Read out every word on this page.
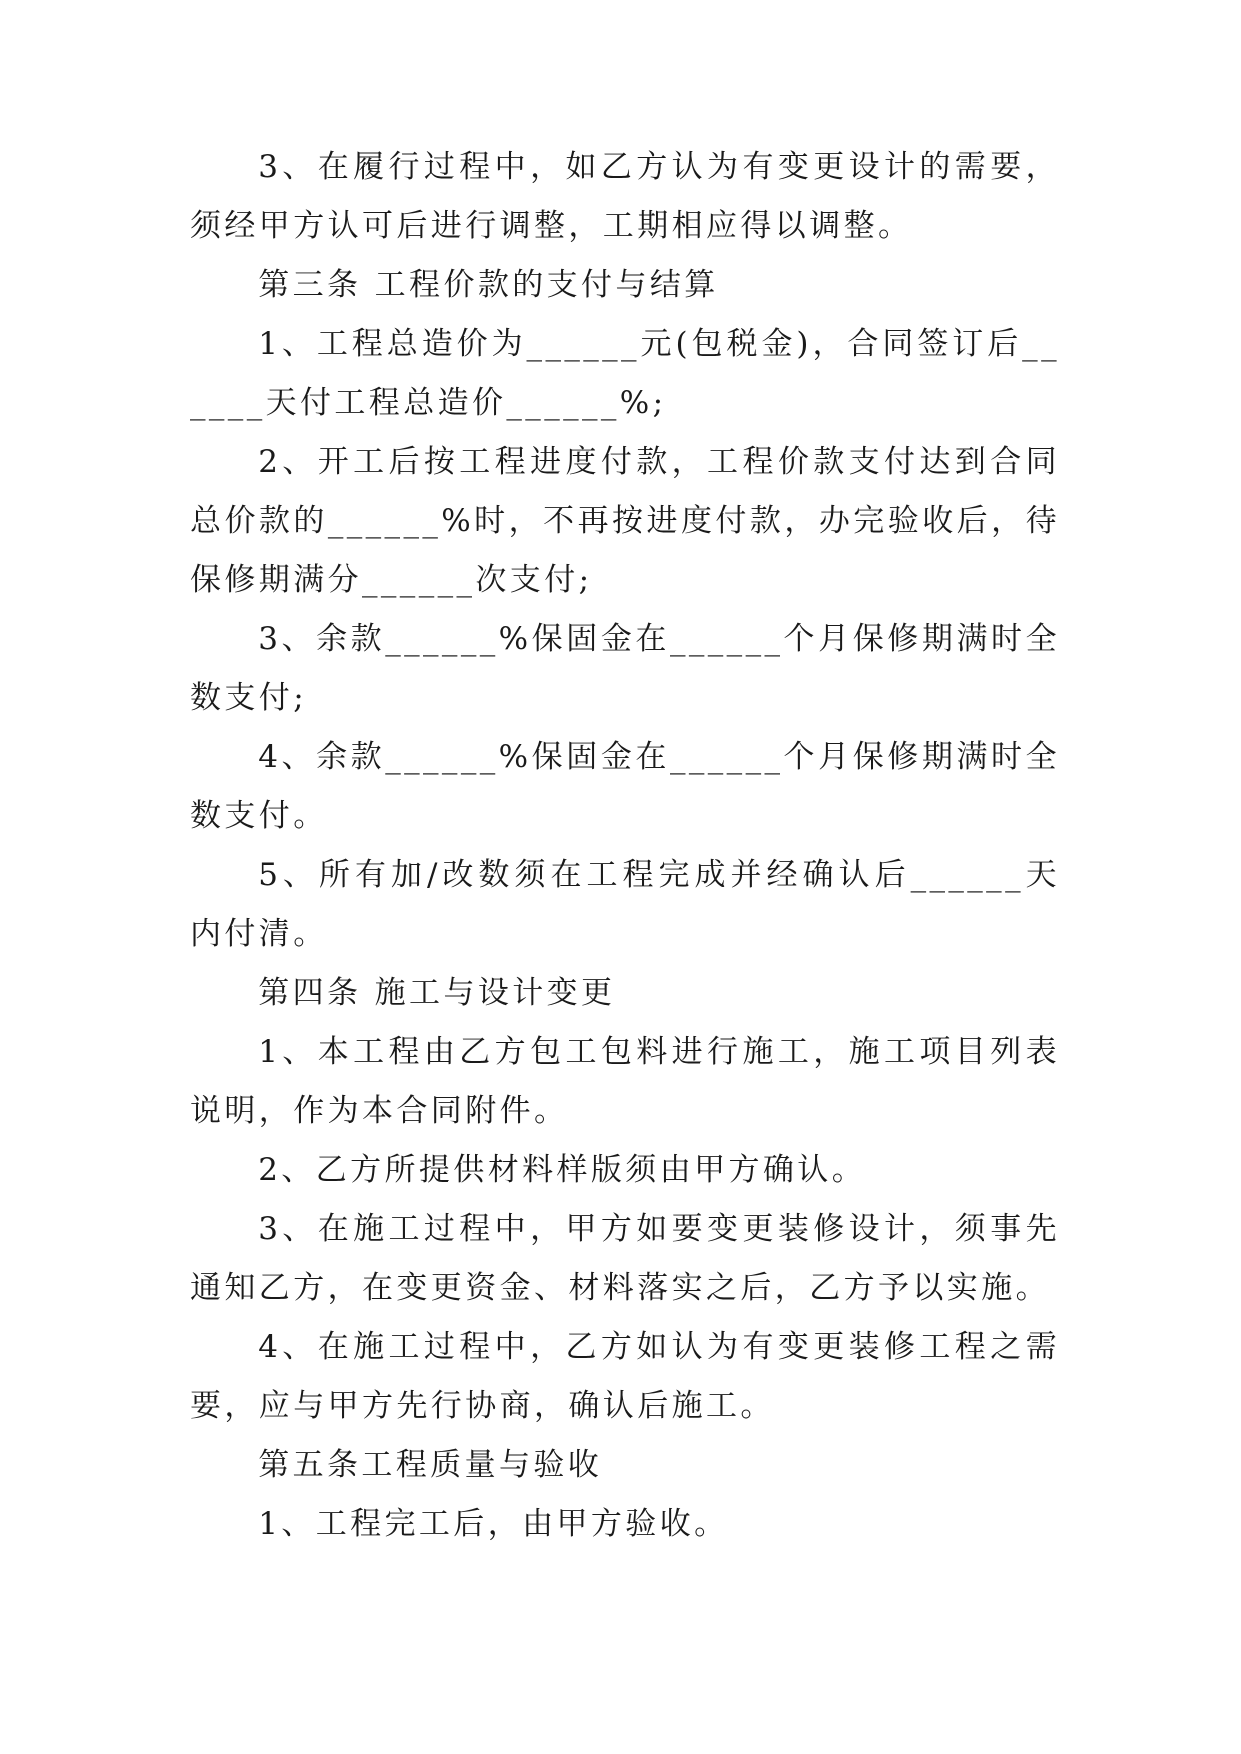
3、在履行过程中，如乙方认为有变更设计的需要，须经甲方认可后进行调整，工期相应得以调整。

第三条 工程价款的支付与结算

1、工程总造价为______元(包税金)，合同签订后______天付工程总造价______%;

2、开工后按工程进度付款，工程价款支付达到合同总价款的______%时，不再按进度付款，办完验收后，待保修期满分______次支付;

3、余款______%保固金在______个月保修期满时全数支付;

4、余款______%保固金在______个月保修期满时全数支付。

5、所有加/改数须在工程完成并经确认后______天内付清。

第四条 施工与设计变更

1、本工程由乙方包工包料进行施工，施工项目列表说明，作为本合同附件。

2、乙方所提供材料样版须由甲方确认。

3、在施工过程中，甲方如要变更装修设计，须事先通知乙方，在变更资金、材料落实之后，乙方予以实施。

4、在施工过程中，乙方如认为有变更装修工程之需要，应与甲方先行协商，确认后施工。

第五条工程质量与验收

1、工程完工后，由甲方验收。
